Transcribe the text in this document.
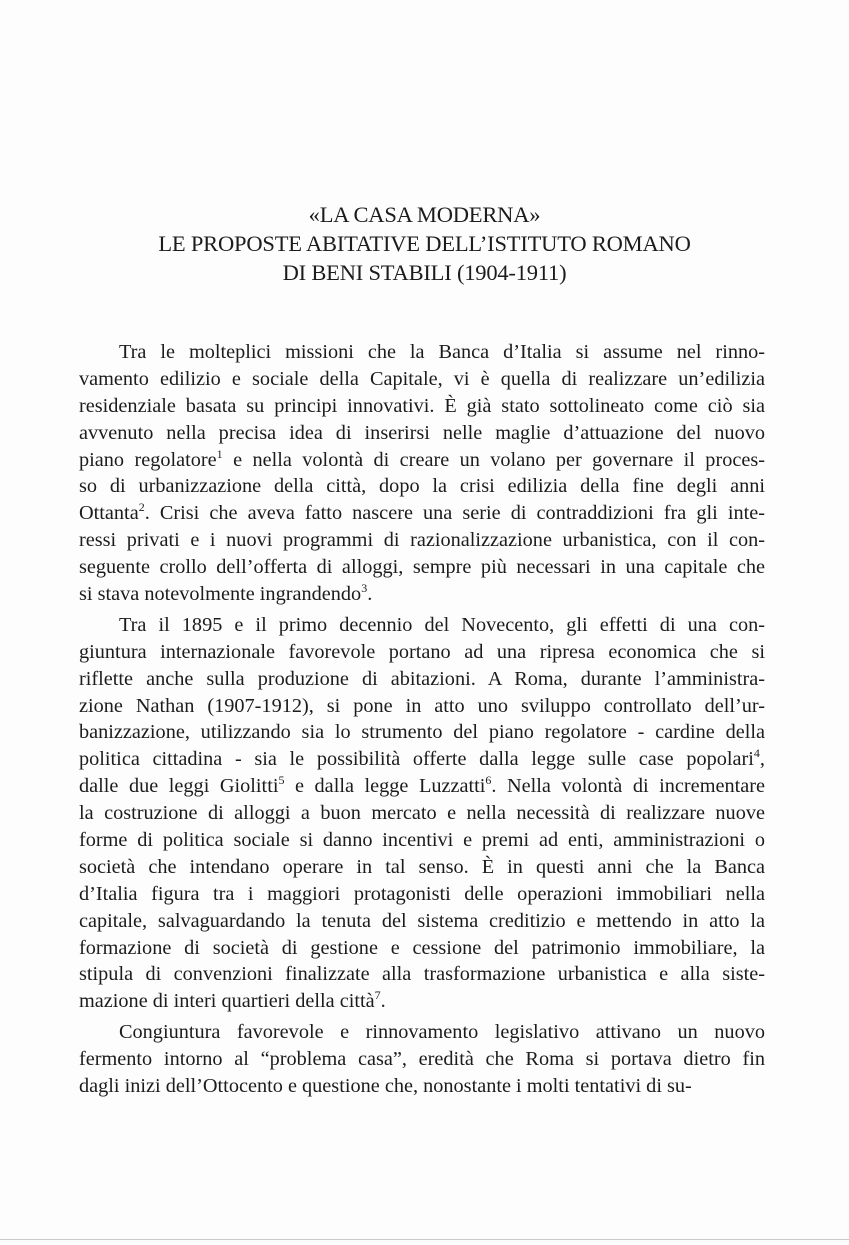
«LA CASA MODERNA»
LE PROPOSTE ABITATIVE DELL’ISTITUTO ROMANO
DI BENI STABILI (1904-1911)
Tra le molteplici missioni che la Banca d’Italia si assume nel rinno-
vamento edilizio e sociale della Capitale, vi è quella di realizzare un’edilizia
residenziale basata su principi innovativi. È già stato sottolineato come ciò sia
avvenuto nella precisa idea di inserirsi nelle maglie d’attuazione del nuovo
piano regolatore$^1$ e nella volontà di creare un volano per governare il proces-
so di urbanizzazione della città, dopo la crisi edilizia della fine degli anni
Ottanta$^2$. Crisi che aveva fatto nascere una serie di contraddizioni fra gli inte-
ressi privati e i nuovi programmi di razionalizzazione urbanistica, con il con-
seguente crollo dell’offerta di alloggi, sempre più necessari in una capitale che
si stava notevolmente ingrandendo$^3$.
Tra il 1895 e il primo decennio del Novecento, gli effetti di una con-
giuntura internazionale favorevole portano ad una ripresa economica che si
riflette anche sulla produzione di abitazioni. A Roma, durante l’amministra-
zione Nathan (1907-1912), si pone in atto uno sviluppo controllato dell’ur-
banizzazione, utilizzando sia lo strumento del piano regolatore - cardine della
politica cittadina - sia le possibilità offerte dalla legge sulle case popolari$^4$,
dalle due leggi Giolitti$^5$ e dalla legge Luzzatti$^6$. Nella volontà di incrementare
la costruzione di alloggi a buon mercato e nella necessità di realizzare nuove
forme di politica sociale si danno incentivi e premi ad enti, amministrazioni o
società che intendano operare in tal senso. È in questi anni che la Banca
d’Italia figura tra i maggiori protagonisti delle operazioni immobiliari nella
capitale, salvaguardando la tenuta del sistema creditizio e mettendo in atto la
formazione di società di gestione e cessione del patrimonio immobiliare, la
stipula di convenzioni finalizzate alla trasformazione urbanistica e alla siste-
mazione di interi quartieri della città$^7$.
Congiuntura favorevole e rinnovamento legislativo attivano un nuovo
fermento intorno al “problema casa”, eredità che Roma si portava dietro fin
dagli inizi dell’Ottocento e questione che, nonostante i molti tentativi di su-
